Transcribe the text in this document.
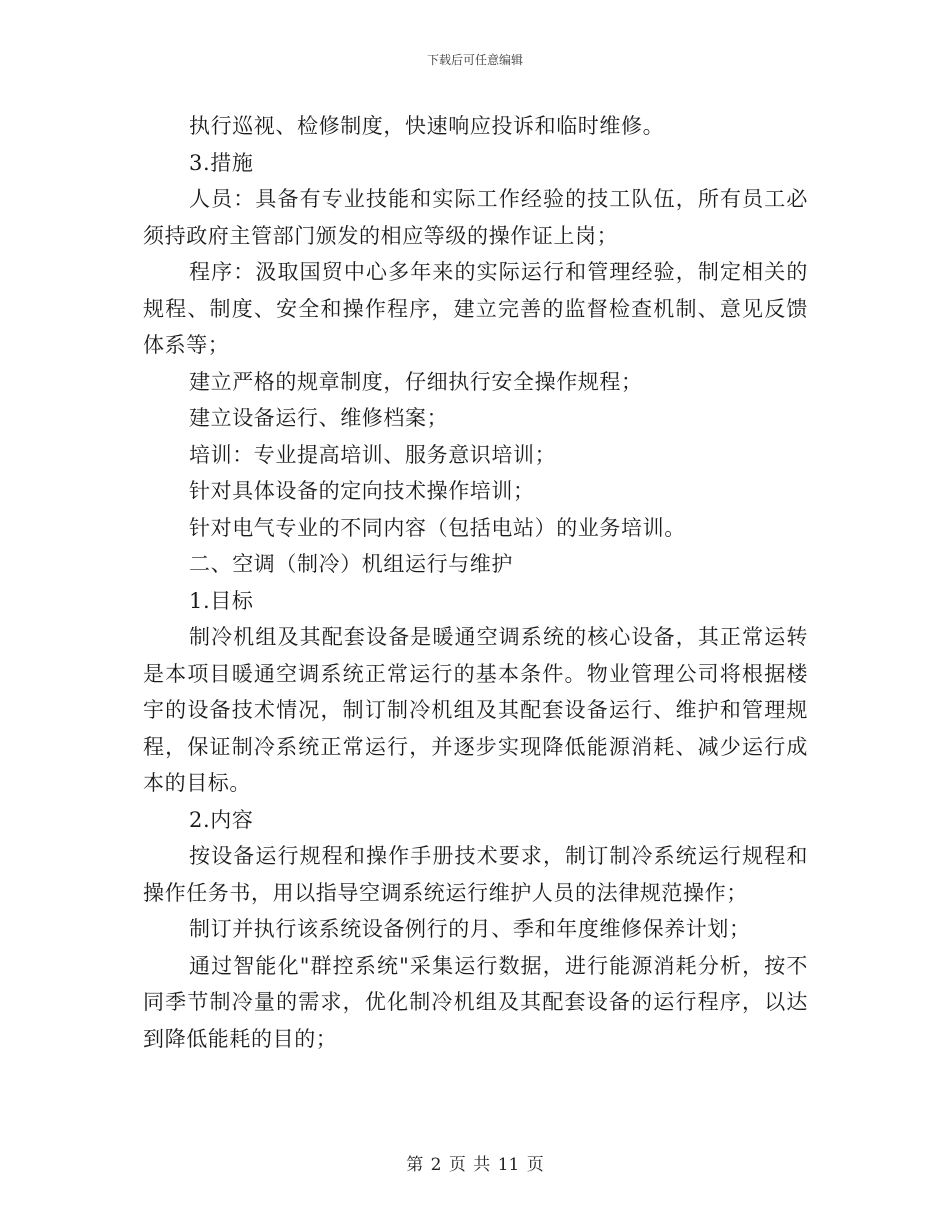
下载后可任意编辑

执行巡视、检修制度，快速响应投诉和临时维修。

3.措施

人员：具备有专业技能和实际工作经验的技工队伍，所有员工必须持政府主管部门颁发的相应等级的操作证上岗；

程序：汲取国贸中心多年来的实际运行和管理经验，制定相关的规程、制度、安全和操作程序，建立完善的监督检查机制、意见反馈体系等；

建立严格的规章制度，仔细执行安全操作规程；

建立设备运行、维修档案；

培训：专业提高培训、服务意识培训；

针对具体设备的定向技术操作培训；

针对电气专业的不同内容（包括电站）的业务培训。

二、空调（制冷）机组运行与维护

1.目标

制冷机组及其配套设备是暖通空调系统的核心设备，其正常运转是本项目暖通空调系统正常运行的基本条件。物业管理公司将根据楼宇的设备技术情况，制订制冷机组及其配套设备运行、维护和管理规程，保证制冷系统正常运行，并逐步实现降低能源消耗、减少运行成本的目标。

2.内容

按设备运行规程和操作手册技术要求，制订制冷系统运行规程和操作任务书，用以指导空调系统运行维护人员的法律规范操作；

制订并执行该系统设备例行的月、季和年度维修保养计划；

通过智能化"群控系统"采集运行数据，进行能源消耗分析，按不同季节制冷量的需求，优化制冷机组及其配套设备的运行程序，以达到降低能耗的目的；

第 2 页 共 11 页
